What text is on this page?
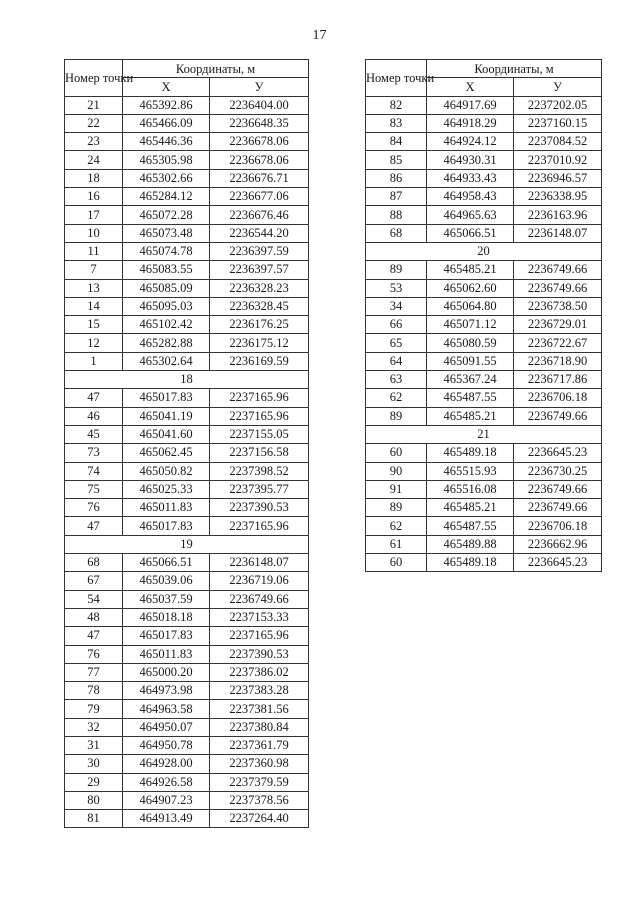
17
Номер точки	Координаты, м	
	Х	У
21	465392.86	2236404.00
22	465466.09	2236648.35
23	465446.36	2236678.06
24	465305.98	2236678.06
18	465302.66	2236676.71
16	465284.12	2236677.06
17	465072.28	2236676.46
10	465073.48	2236544.20
11	465074.78	2236397.59
7	465083.55	2236397.57
13	465085.09	2236328.23
14	465095.03	2236328.45
15	465102.42	2236176.25
12	465282.88	2236175.12
1	465302.64	2236169.59
18		
47	465017.83	2237165.96
46	465041.19	2237165.96
45	465041.60	2237155.05
73	465062.45	2237156.58
74	465050.82	2237398.52
75	465025.33	2237395.77
76	465011.83	2237390.53
47	465017.83	2237165.96
19		
68	465066.51	2236148.07
67	465039.06	2236719.06
54	465037.59	2236749.66
48	465018.18	2237153.33
47	465017.83	2237165.96
76	465011.83	2237390.53
77	465000.20	2237386.02
78	464973.98	2237383.28
79	464963.58	2237381.56
32	464950.07	2237380.84
31	464950.78	2237361.79
30	464928.00	2237360.98
29	464926.58	2237379.59
80	464907.23	2237378.56
81	464913.49	2237264.40
Номер точки	Координаты, м	
	Х	У
82	464917.69	2237202.05
83	464918.29	2237160.15
84	464924.12	2237084.52
85	464930.31	2237010.92
86	464933.43	2236946.57
87	464958.43	2236338.95
88	464965.63	2236163.96
68	465066.51	2236148.07
20		
89	465485.21	2236749.66
53	465062.60	2236749.66
34	465064.80	2236738.50
66	465071.12	2236729.01
65	465080.59	2236722.67
64	465091.55	2236718.90
63	465367.24	2236717.86
62	465487.55	2236706.18
89	465485.21	2236749.66
21		
60	465489.18	2236645.23
90	465515.93	2236730.25
91	465516.08	2236749.66
89	465485.21	2236749.66
62	465487.55	2236706.18
61	465489.88	2236662.96
60	465489.18	2236645.23
